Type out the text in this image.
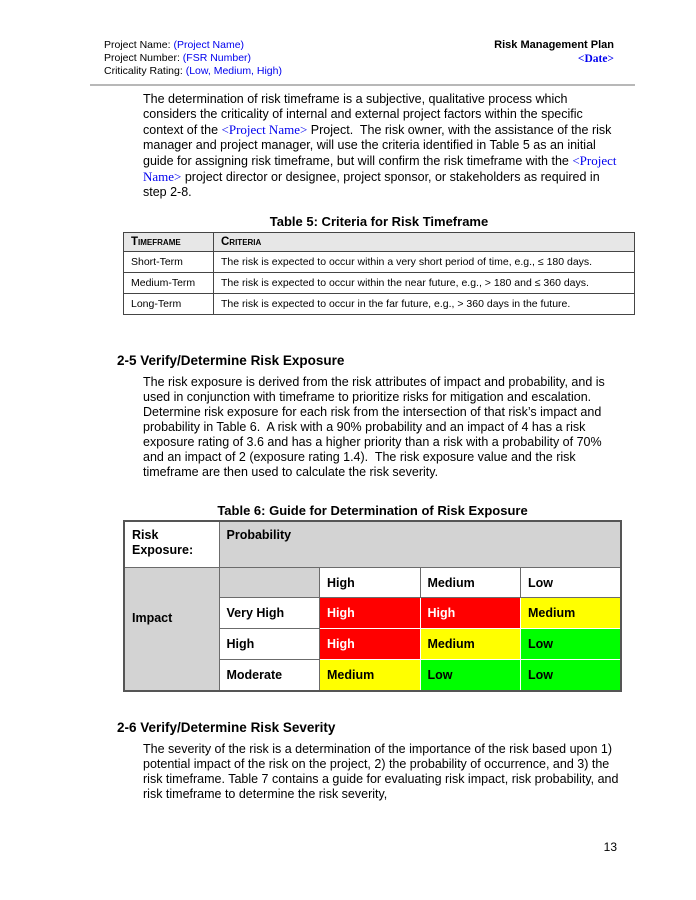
Project Name: (Project Name)
Project Number: (FSR Number)
Criticality Rating: (Low, Medium, High)
Risk Management Plan
<Date>

The determination of risk timeframe is a subjective, qualitative process which considers the criticality of internal and external project factors within the specific context of the <Project Name> Project.  The risk owner, with the assistance of the risk manager and project manager, will use the criteria identified in Table 5 as an initial guide for assigning risk timeframe, but will confirm the risk timeframe with the <Project Name> project director or designee, project sponsor, or stakeholders as required in step 2-8.

Table 5: Criteria for Risk Timeframe
Timeframe	Criteria
Short-Term	The risk is expected to occur within a very short period of time, e.g., ≤ 180 days.
Medium-Term	The risk is expected to occur within the near future, e.g., > 180 and ≤ 360 days.
Long-Term	The risk is expected to occur in the far future, e.g., > 360 days in the future.
2-5 Verify/Determine Risk Exposure

The risk exposure is derived from the risk attributes of impact and probability, and is used in conjunction with timeframe to prioritize risks for mitigation and escalation.  Determine risk exposure for each risk from the intersection of that risk’s impact and probability in Table 6.  A risk with a 90% probability and an impact of 4 has a risk exposure rating of 3.6 and has a higher priority than a risk with a probability of 70% and an impact of 2 (exposure rating 1.4).  The risk exposure value and the risk timeframe are then used to calculate the risk severity.

Table 6: Guide for Determination of Risk Exposure
Risk Exposure:	Probability			
Impact		High	Medium	Low
	Very High	High	High	Medium
	High	High	Medium	Low
	Moderate	Medium	Low	Low
2-6 Verify/Determine Risk Severity

The severity of the risk is a determination of the importance of the risk based upon 1) potential impact of the risk on the project, 2) the probability of occurrence, and 3) the risk timeframe. Table 7 contains a guide for evaluating risk impact, risk probability, and risk timeframe to determine the risk severity,

13
